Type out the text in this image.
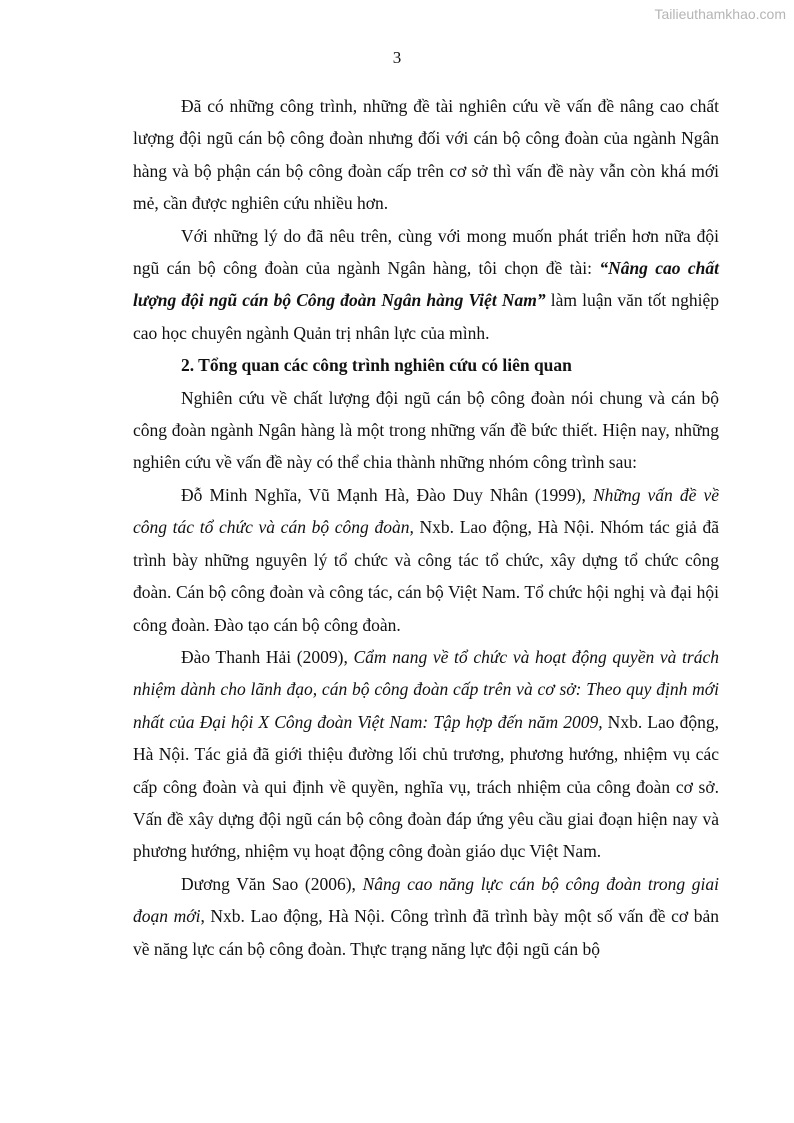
Tailieuthamkhao.com
3

Đã có những công trình, những đề tài nghiên cứu về vấn đề nâng cao chất lượng đội ngũ cán bộ công đoàn nhưng đối với cán bộ công đoàn của ngành Ngân hàng và bộ phận cán bộ công đoàn cấp trên cơ sở thì vấn đề này vẫn còn khá mới mẻ, cần được nghiên cứu nhiều hơn.

Với những lý do đã nêu trên, cùng với mong muốn phát triển hơn nữa đội ngũ cán bộ công đoàn của ngành Ngân hàng, tôi chọn đề tài: “Nâng cao chất lượng đội ngũ cán bộ Công đoàn Ngân hàng Việt Nam” làm luận văn tốt nghiệp cao học chuyên ngành Quản trị nhân lực của mình.

2. Tổng quan các công trình nghiên cứu có liên quan

Nghiên cứu về chất lượng đội ngũ cán bộ công đoàn nói chung và cán bộ công đoàn ngành Ngân hàng là một trong những vấn đề bức thiết. Hiện nay, những nghiên cứu về vấn đề này có thể chia thành những nhóm công trình sau:

Đỗ Minh Nghĩa, Vũ Mạnh Hà, Đào Duy Nhân (1999), Những vấn đề về công tác tổ chức và cán bộ công đoàn, Nxb. Lao động, Hà Nội. Nhóm tác giả đã trình bày những nguyên lý tổ chức và công tác tổ chức, xây dựng tổ chức công đoàn. Cán bộ công đoàn và công tác, cán bộ Việt Nam. Tổ chức hội nghị và đại hội công đoàn. Đào tạo cán bộ công đoàn.

Đào Thanh Hải (2009), Cẩm nang về tổ chức và hoạt động quyền và trách nhiệm dành cho lãnh đạo, cán bộ công đoàn cấp trên và cơ sở: Theo quy định mới nhất của Đại hội X Công đoàn Việt Nam: Tập hợp đến năm 2009, Nxb. Lao động, Hà Nội. Tác giả đã giới thiệu đường lối chủ trương, phương hướng, nhiệm vụ các cấp công đoàn và qui định về quyền, nghĩa vụ, trách nhiệm của công đoàn cơ sở. Vấn đề xây dựng đội ngũ cán bộ công đoàn đáp ứng yêu cầu giai đoạn hiện nay và phương hướng, nhiệm vụ hoạt động công đoàn giáo dục Việt Nam.

Dương Văn Sao (2006), Nâng cao năng lực cán bộ công đoàn trong giai đoạn mới, Nxb. Lao động, Hà Nội. Công trình đã trình bày một số vấn đề cơ bản về năng lực cán bộ công đoàn. Thực trạng năng lực đội ngũ cán bộ
